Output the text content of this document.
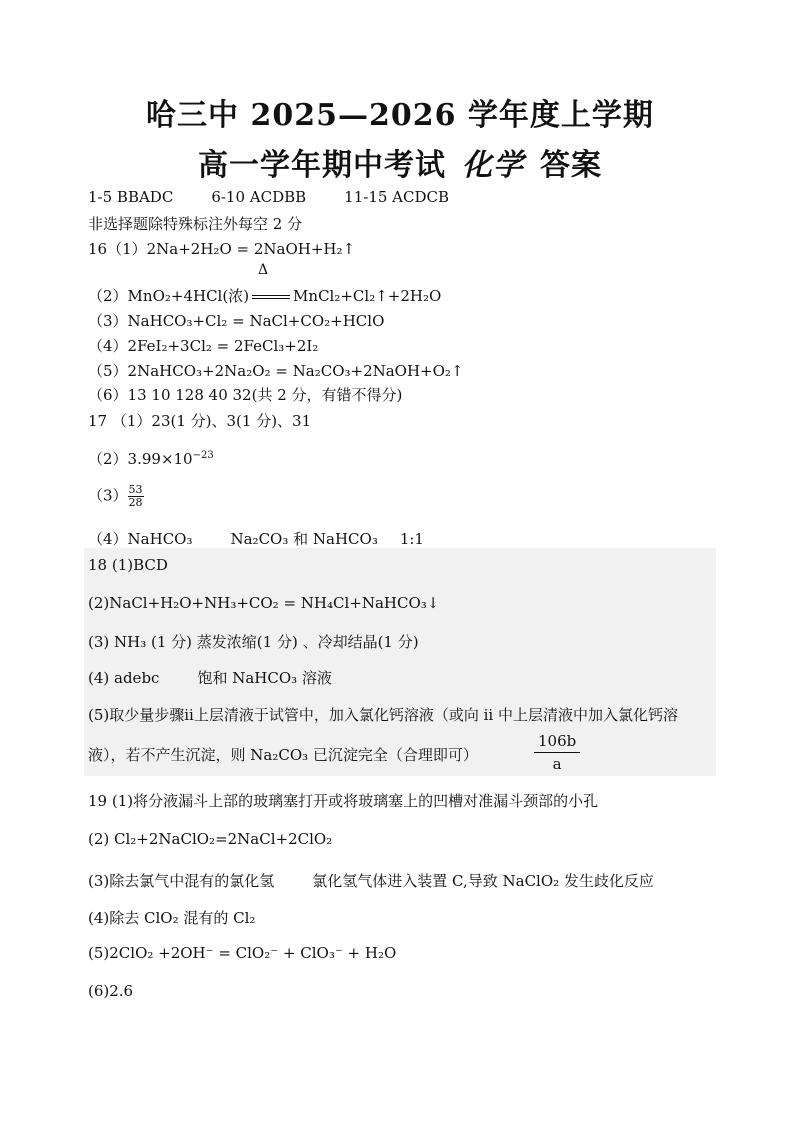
哈三中 2025—2026 学年度上学期
高一学年期中考试 化学 答案
1-5 BBADC	6-10 ACDBB	11-15 ACDCB
非选择题除特殊标注外每空 2 分
16（1）2Na+2H₂O = 2NaOH+H₂↑
Δ
（2）MnO₂+4HCl(浓)	MnCl₂+Cl₂↑+2H₂O
（3）NaHCO₃+Cl₂ = NaCl+CO₂+HClO
（4）2FeI₂+3Cl₂ = 2FeCl₃+2I₂
（5）2NaHCO₃+2Na₂O₂ = Na₂CO₃+2NaOH+O₂↑
（6）13 10 128 40 32(共 2 分，有错不得分)
17 （1）23(1 分)、3(1 分)、31
$(2)3.99\times 10^{-23}$
$(3) \frac{53}{28}$
（4）NaHCO₃	Na₂CO₃ 和 NaHCO₃ 1:1
18 (1)BCD
(2)NaCl+H₂O+NH₃+CO₂ = NH₄Cl+NaHCO₃↓
(3) NH₃ (1 分) 蒸发浓缩(1 分) 、冷却结晶(1 分)
(4) adebc	饱和 NaHCO₃ 溶液
(5)取少量步骤ii上层清液于试管中，加入氯化钙溶液（或向 ii 中上层清液中加入氯化钙溶
液），若不产生沉淀，则 Na₂CO₃ 已沉淀完全（合理即可）	$\frac{106b}{a}$
19 (1)将分液漏斗上部的玻璃塞打开或将玻璃塞上的凹槽对准漏斗颈部的小孔
(2) Cl₂+2NaClO₂=2NaCl+2ClO₂
(3)除去氯气中混有的氯化氢	氯化氢气体进入装置 C,导致 NaClO₂ 发生歧化反应
(4)除去 ClO₂ 混有的 Cl₂
(5)2ClO₂ +2OH⁻ = ClO₂⁻ + ClO₃⁻ + H₂O
(6)2.6
